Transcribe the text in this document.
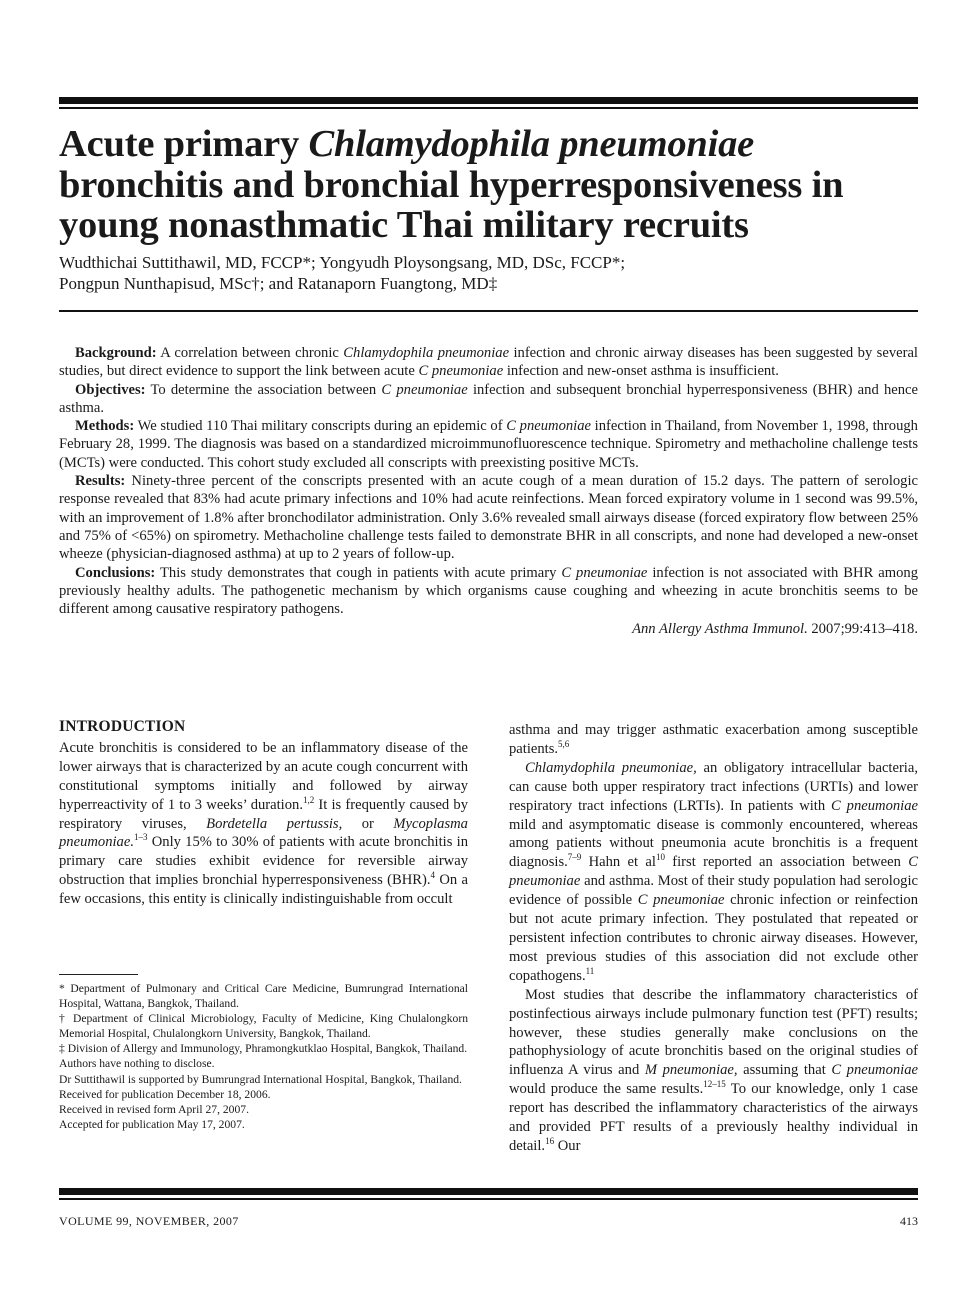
Acute primary Chlamydophila pneumoniae
bronchitis and bronchial hyperresponsiveness in
young nonasthmatic Thai military recruits
Wudthichai Suttithawil, MD, FCCP*; Yongyudh Ploysongsang, MD, DSc, FCCP*;
Pongpun Nunthapisud, MSc†; and Ratanaporn Fuangtong, MD‡

Background: A correlation between chronic Chlamydophila pneumoniae infection and chronic airway diseases has been suggested by several studies, but direct evidence to support the link between acute C pneumoniae infection and new-onset asthma is insufficient.

Objectives: To determine the association between C pneumoniae infection and subsequent bronchial hyperresponsiveness (BHR) and hence asthma.

Methods: We studied 110 Thai military conscripts during an epidemic of C pneumoniae infection in Thailand, from November 1, 1998, through February 28, 1999. The diagnosis was based on a standardized microimmunofluorescence technique. Spirometry and methacholine challenge tests (MCTs) were conducted. This cohort study excluded all conscripts with preexisting positive MCTs.

Results: Ninety-three percent of the conscripts presented with an acute cough of a mean duration of 15.2 days. The pattern of serologic response revealed that 83% had acute primary infections and 10% had acute reinfections. Mean forced expiratory volume in 1 second was 99.5%, with an improvement of 1.8% after bronchodilator administration. Only 3.6% revealed small airways disease (forced expiratory flow between 25% and 75% of <65%) on spirometry. Methacholine challenge tests failed to demonstrate BHR in all conscripts, and none had developed a new-onset wheeze (physician-diagnosed asthma) at up to 2 years of follow-up.

Conclusions: This study demonstrates that cough in patients with acute primary C pneumoniae infection is not associated with BHR among previously healthy adults. The pathogenetic mechanism by which organisms cause coughing and wheezing in acute bronchitis seems to be different among causative respiratory pathogens.

Ann Allergy Asthma Immunol. 2007;99:413–418.
INTRODUCTION

Acute bronchitis is considered to be an inflammatory disease of the lower airways that is characterized by an acute cough concurrent with constitutional symptoms initially and followed by airway hyperreactivity of 1 to 3 weeks’ duration.$^{1,2}$ It is frequently caused by respiratory viruses, Bordetella pertussis, or Mycoplasma pneumoniae.$^{1-3}$ Only 15% to 30% of patients with acute bronchitis in primary care studies exhibit evidence for reversible airway obstruction that implies bronchial hyperresponsiveness (BHR).$^4$ On a few occasions, this entity is clinically indistinguishable from occult

* Department of Pulmonary and Critical Care Medicine, Bumrungrad International Hospital, Wattana, Bangkok, Thailand.

† Department of Clinical Microbiology, Faculty of Medicine, King Chulalongkorn Memorial Hospital, Chulalongkorn University, Bangkok, Thailand.

‡ Division of Allergy and Immunology, Phramongkutklao Hospital, Bangkok, Thailand.

Authors have nothing to disclose.

Dr Suttithawil is supported by Bumrungrad International Hospital, Bangkok, Thailand.

Received for publication December 18, 2006.

Received in revised form April 27, 2007.

Accepted for publication May 17, 2007.

asthma and may trigger asthmatic exacerbation among susceptible patients.$^{5,6}$

Chlamydophila pneumoniae, an obligatory intracellular bacteria, can cause both upper respiratory tract infections (URTIs) and lower respiratory tract infections (LRTIs). In patients with C pneumoniae mild and asymptomatic disease is commonly encountered, whereas among patients without pneumonia acute bronchitis is a frequent diagnosis.$^{7-9}$ Hahn et $al^{10}$ first reported an association between C pneumoniae and asthma. Most of their study population had serologic evidence of possible C pneumoniae chronic infection or reinfection but not acute primary infection. They postulated that repeated or persistent infection contributes to chronic airway diseases. However, most previous studies of this association did not exclude other copathogens.$^{11}$

Most studies that describe the inflammatory characteristics of postinfectious airways include pulmonary function test (PFT) results; however, these studies generally make conclusions on the pathophysiology of acute bronchitis based on the original studies of influenza A virus and M pneumoniae, assuming that C pneumoniae would produce the same results.$^{12-15}$ To our knowledge, only 1 case report has described the inflammatory characteristics of the airways and provided PFT results of a previously healthy individual in detail.$^{16}$ Our

VOLUME 99, NOVEMBER, 2007	413
